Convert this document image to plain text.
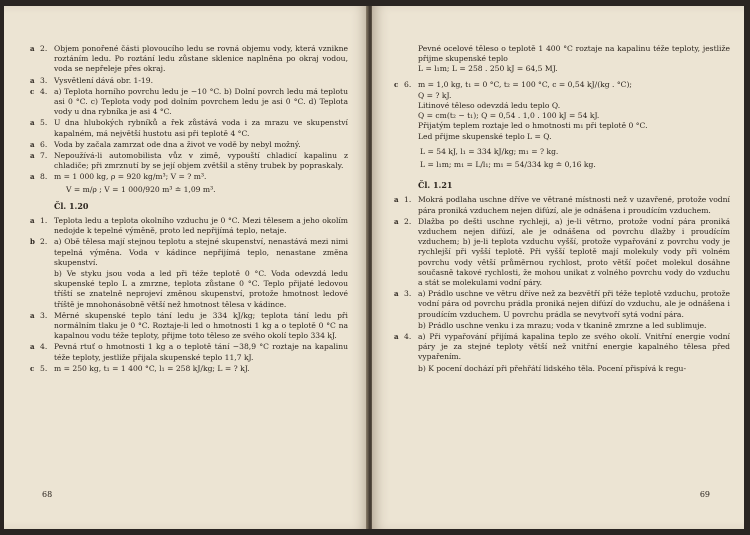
a 2. Objem ponořené části plovoucího ledu se rovná objemu vody, která vznikne roztáním ledu. Po roztání ledu zůstane sklenice naplněna po okraj vodou, voda se nepřeleje přes okraj.
a 3. Vysvětlení dává obr. 1-19.
c 4. a) Teplota horního povrchu ledu je −10 °C. b) Dolní povrch ledu má teplotu asi 0 °C. c) Teplota vody pod dolním povrchem ledu je asi 0 °C. d) Teplota vody u dna rybníka je asi 4 °C.
a 5. U dna hlubokých rybníků a řek zůstává voda i za mrazu ve skupenství kapalném, má největší hustotu asi při teplotě 4 °C.
a 6. Voda by začala zamrzat ode dna a život ve vodě by nebyl možný.
a 7. Nepoužívá-li automobilista vůz v zimě, vypouští chladicí kapalinu z chladiče; při zmrznutí by se její objem zvětšil a stěny trubek by popraskaly.
a 8. m = 1 000 kg, ρ = 920 kg/m³; V = ? m³.
V = m/ρ ; V = 1 000/920 m³ ≐ 1,09 m³.
Čl. 1.20
a 1. Teplota ledu a teplota okolního vzduchu je 0 °C. Mezi tělesem a jeho okolím nedojde k tepelné výměně, proto led nepřijímá teplo, netaje.
b 2. a) Obě tělesa mají stejnou teplotu a stejné skupenství, nenastává mezi nimi tepelná výměna. Voda v kádince nepřijímá teplo, nenastane změna skupenství.
b) Ve styku jsou voda a led při téže teplotě 0 °C. Voda odevzdá ledu skupenské teplo L a zmrzne, teplota zůstane 0 °C. Teplo přijaté ledovou tříští se znatelně neprojeví změnou skupenství, protože hmotnost ledové tříště je mnohonásobně větší než hmotnost tělesa v kádince.
a 3. Měrné skupenské teplo tání ledu je 334 kJ/kg; teplota tání ledu při normálním tlaku je 0 °C. Roztaje-li led o hmotnosti 1 kg a o teplotě 0 °C na kapalnou vodu téže teploty, přijme toto těleso ze svého okolí teplo 334 kJ.
a 4. Pevná rtuť o hmotnosti 1 kg a o teplotě tání −38,9 °C roztaje na kapalinu téže teploty, jestliže přijala skupenské teplo 11,7 kJ.
c 5. m = 250 kg, t₁ = 1 400 °C, l₁ = 258 kJ/kg; L = ? kJ.
68
Pevné ocelové těleso o teplotě 1 400 °C roztaje na kapalinu téže teploty, jestliže přijme skupenské teplo
L = l₁m; L = 258 . 250 kJ = 64,5 MJ.
c 6. m = 1,0 kg, t₁ = 0 °C, t₂ = 100 °C, c = 0,54 kJ/(kg . °C);
Q = ? kJ.
Litinové těleso odevzdá ledu teplo Q.
Q = cm(t₂ − t₁); Q = 0,54 . 1,0 . 100 kJ = 54 kJ.
Přijatým teplem roztaje led o hmotnosti m₁ při teplotě 0 °C.
Led přijme skupenské teplo L = Q.
L = 54 kJ, l₁ = 334 kJ/kg; m₁ = ? kg.
L = l₁m; m₁ = L/l₁; m₁ = 54/334 kg ≐ 0,16 kg.
Čl. 1.21
a 1. Mokrá podlaha uschne dříve ve větrané místnosti než v uzavřené, protože vodní pára proniká vzduchem nejen difúzí, ale je odnášena i proudícím vzduchem.
a 2. Dlažba po dešti uschne rychleji, a) je-li větrno, protože vodní pára proniká vzduchem nejen difúzí, ale je odnášena od povrchu dlažby i proudícím vzduchem; b) je-li teplota vzduchu vyšší, protože vypařování z povrchu vody je rychlejší při vyšší teplotě. Při vyšší teplotě mají molekuly vody při volném povrchu vody větší průměrnou rychlost, proto větší počet molekul dosáhne současně takové rychlosti, že mohou unikat z volného povrchu vody do vzduchu a stát se molekulami vodní páry.
a 3. a) Prádlo uschne ve větru dříve než za bezvětří při téže teplotě vzduchu, protože vodní pára od povrchu prádla proniká nejen difúzí do vzduchu, ale je odnášena i proudícím vzduchem. U povrchu prádla se nevytvoří sytá vodní pára.
b) Prádlo uschne venku i za mrazu; voda v tkanině zmrzne a led sublimuje.
a 4. a) Při vypařování přijímá kapalina teplo ze svého okolí. Vnitřní energie vodní páry je za stejné teploty větší než vnitřní energie kapalného tělesa před vypařením.
b) K pocení dochází při přehřátí lidského těla. Pocení přispívá k regu-
69
